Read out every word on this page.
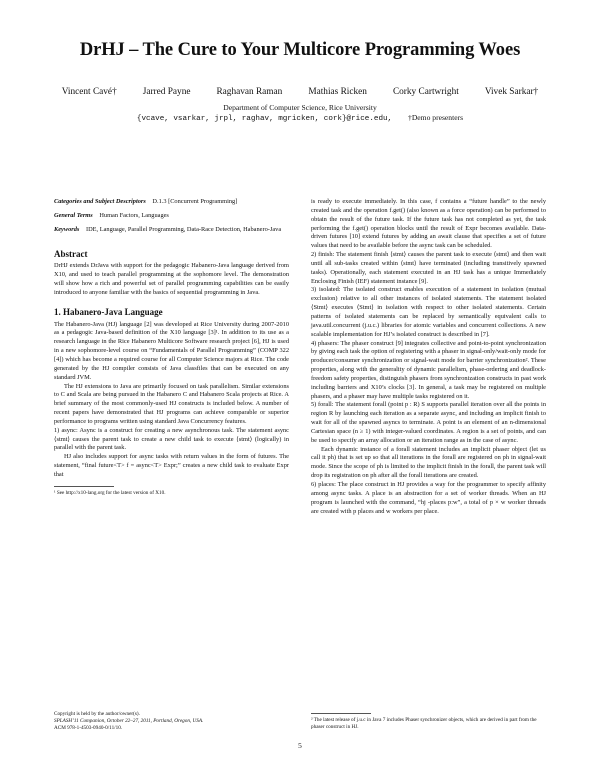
DrHJ – The Cure to Your Multicore Programming Woes
Vincent Cavé†	Jarred Payne	Raghavan Raman	Mathias Ricken	Corky Cartwright	Vivek Sarkar†
Department of Computer Science, Rice University
{vcave, vsarkar, jrpl, raghav, mgricken, cork}@rice.edu, †Demo presenters

Categories and Subject Descriptors D.1.3 [Concurrent Programming]

General Terms Human Factors, Languages

Keywords IDE, Language, Parallel Programming, Data-Race Detection, Habanero-Java

Abstract

DrHJ extends DrJava with support for the pedagogic Habanero-Java language derived from X10, and used to teach parallel programming at the sophomore level. The demonstration will show how a rich and powerful set of parallel programming capabilities can be easily introduced to anyone familiar with the basics of sequential programming in Java.

1. Habanero-Java Language

The Habanero-Java (HJ) language [2] was developed at Rice University during 2007-2010 as a pedagogic Java-based definition of the X10 language [3]¹. In addition to its use as a research language in the Rice Habanero Multicore Software research project [6], HJ is used in a new sophomore-level course on “Fundamentals of Parallel Programming” (COMP 322 [4]) which has become a required course for all Computer Science majors at Rice. The code generated by the HJ compiler consists of Java classfiles that can be executed on any standard JVM.

The HJ extensions to Java are primarily focused on task parallelism. Similar extensions to C and Scala are being pursued in the Habanero C and Habanero Scala projects at Rice. A brief summary of the most commonly-used HJ constructs is included below. A number of recent papers have demonstrated that HJ programs can achieve comparable or superior performance to programs written using standard Java Concurrency features.

1) async: Async is a construct for creating a new asynchronous task. The statement async ⟨stmt⟩ causes the parent task to create a new child task to execute ⟨stmt⟩ (logically) in parallel with the parent task.

HJ also includes support for async tasks with return values in the form of futures. The statement, “final future<T> f = async<T> Expr;” creates a new child task to evaluate Expr that

¹ See http://x10-lang.org for the latest version of X10.
Copyright is held by the author/owner(s).
SPLASH’11 Companion, October 22–27, 2011, Portland, Oregon, USA.
ACM 978-1-4503-0940-0/11/10.

is ready to execute immediately. In this case, f contains a “future handle” to the newly created task and the operation f.get() (also known as a force operation) can be performed to obtain the result of the future task. If the future task has not completed as yet, the task performing the f.get() operation blocks until the result of Expr becomes available. Data-driven futures [10] extend futures by adding an await clause that specifies a set of future values that need to be available before the async task can be scheduled.

2) finish: The statement finish ⟨stmt⟩ causes the parent task to execute ⟨stmt⟩ and then wait until all sub-tasks created within ⟨stmt⟩ have terminated (including transitively spawned tasks). Operationally, each statement executed in an HJ task has a unique Immediately Enclosing Finish (IEF) statement instance [9].

3) isolated: The isolated construct enables execution of a statement in isolation (mutual exclusion) relative to all other instances of isolated statements. The statement isolated ⟨Stmt⟩ executes ⟨Stmt⟩ in isolation with respect to other isolated statements. Certain patterns of isolated statements can be replaced by semantically equivalent calls to java.util.concurrent (j.u.c.) libraries for atomic variables and concurrent collections. A new scalable implementation for HJ’s isolated construct is described in [7].

4) phasers: The phaser construct [9] integrates collective and point-to-point synchronization by giving each task the option of registering with a phaser in signal-only/wait-only mode for producer/consumer synchronization or signal-wait mode for barrier synchronization². These properties, along with the generality of dynamic parallelism, phase-ordering and deadlock-freedom safety properties, distinguish phasers from synchronization constructs in past work including barriers and X10’s clocks [3]. In general, a task may be registered on multiple phasers, and a phaser may have multiple tasks registered on it.

5) forall: The statement forall (point p : R) S supports parallel iteration over all the points in region R by launching each iteration as a separate async, and including an implicit finish to wait for all of the spawned asyncs to terminate. A point is an element of an n-dimensional Cartesian space (n ≥ 1) with integer-valued coordinates. A region is a set of points, and can be used to specify an array allocation or an iteration range as in the case of async.

Each dynamic instance of a forall statement includes an implicit phaser object (let us call it ph) that is set up so that all iterations in the forall are registered on ph in signal-wait mode. Since the scope of ph is limited to the implicit finish in the forall, the parent task will drop its registration on ph after all the forall iterations are created.

6) places: The place construct in HJ provides a way for the programmer to specify affinity among async tasks. A place is an abstraction for a set of worker threads. When an HJ program is launched with the command, “hj -places p:w”, a total of p × w worker threads are created with p places and w workers per place.

² The latest release of j.u.c in Java 7 includes Phaser synchronizer objects, which are derived in part from the phaser construct in HJ.
5
